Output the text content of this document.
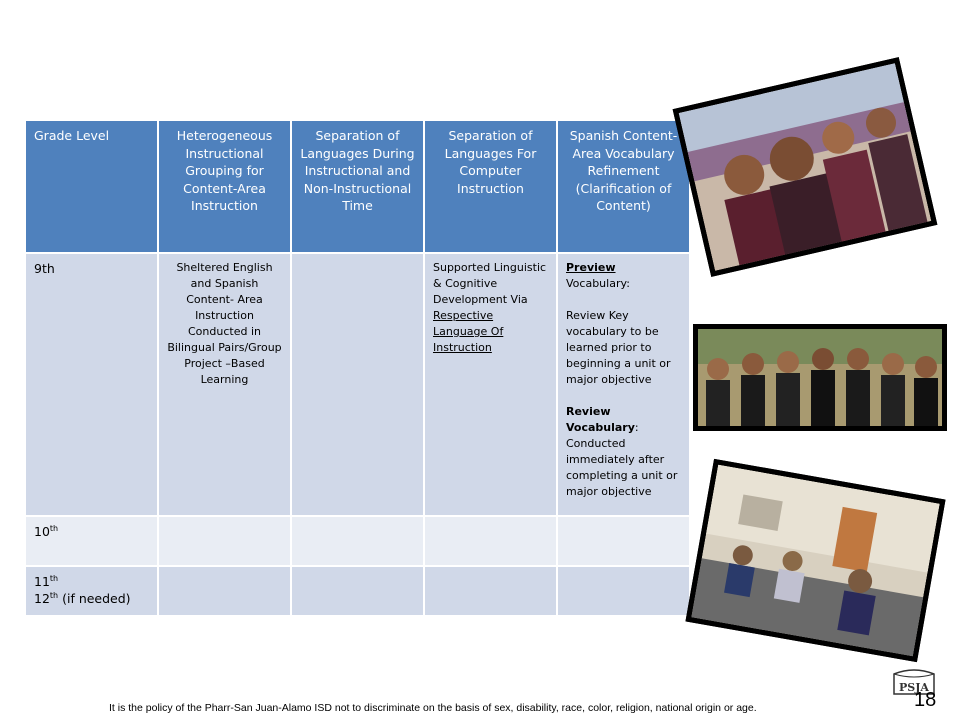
Grade Level	Heterogeneous Instructional Grouping for Content-Area Instruction	Separation of Languages During Instructional and Non-Instructional Time	Separation of Languages For Computer Instruction	Spanish Content-Area Vocabulary Refinement (Clarification of Content)
9th	Sheltered English and Spanish Content- Area Instruction Conducted in Bilingual Pairs/Group Project –Based Learning		Supported Linguistic & Cognitive Development Via Respective Language Of Instruction	Preview Vocabulary:
Review Key vocabulary to be learned prior to beginning a unit or major objective
Review Vocabulary:
Conducted immediately after completing a unit or major objective

10th				

11th
12th (if needed)				

It is the policy of the Pharr-San Juan-Alamo ISD not to discriminate on the basis of sex, disability, race, color, religion, national origin or age.
PSJA
18
